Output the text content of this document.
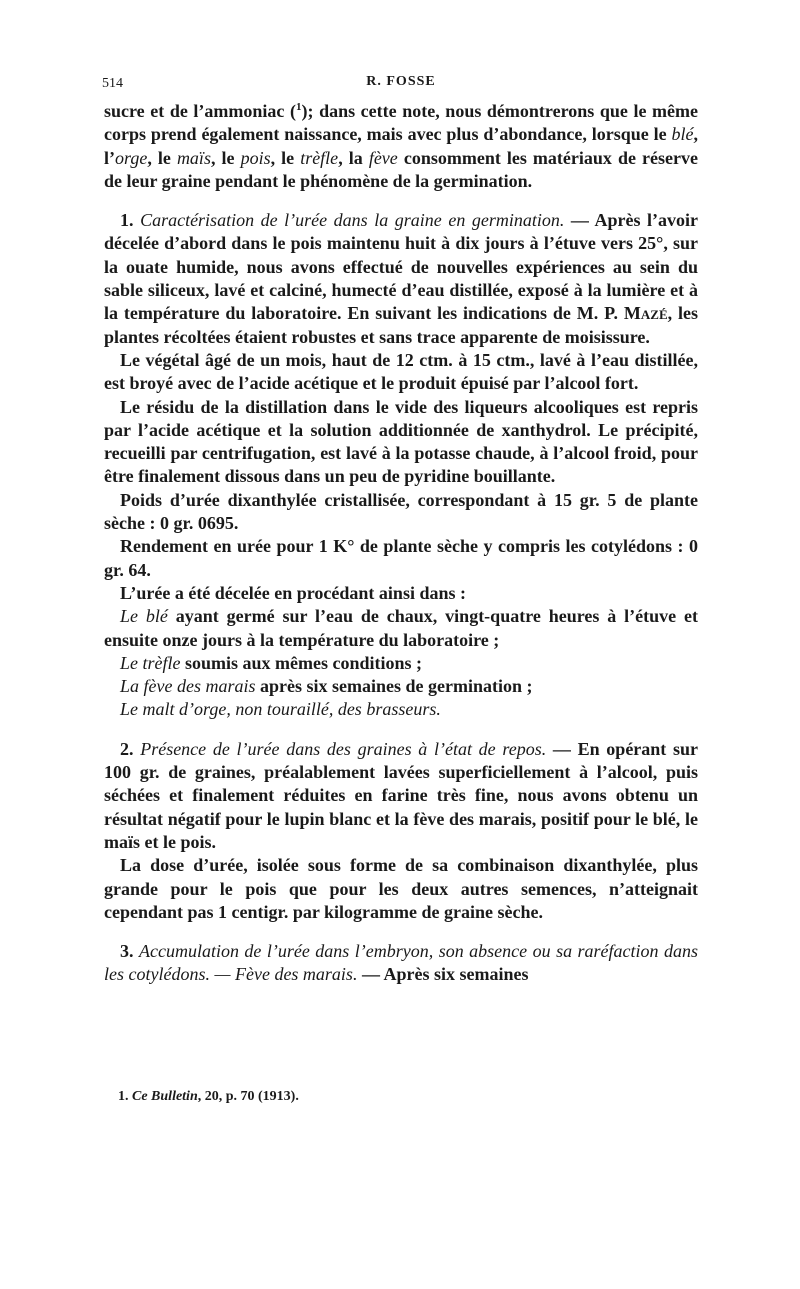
514	R. FOSSE

sucre et de l’ammoniac ($^1$); dans cette note, nous démontrerons que le même corps prend également naissance, mais avec plus d’abondance, lorsque le blé, l’orge, le maïs, le pois, le trèfle, la fève consomment les matériaux de réserve de leur graine pendant le phénomène de la germination.

1. Caractérisation de l’urée dans la graine en germination. — Après l’avoir décelée d’abord dans le pois maintenu huit à dix jours à l’étuve vers 25°, sur la ouate humide, nous avons effectué de nouvelles expériences au sein du sable siliceux, lavé et calciné, humecté d’eau distillée, exposé à la lumière et à la température du laboratoire. En suivant les indications de M. P. Mazé, les plantes récoltées étaient robustes et sans trace apparente de moisissure.

Le végétal âgé de un mois, haut de 12 ctm. à 15 ctm., lavé à l’eau distillée, est broyé avec de l’acide acétique et le produit épuisé par l’alcool fort.

Le résidu de la distillation dans le vide des liqueurs alcooliques est repris par l’acide acétique et la solution additionnée de xanthydrol. Le précipité, recueilli par centrifugation, est lavé à la potasse chaude, à l’alcool froid, pour être finalement dissous dans un peu de pyridine bouillante.

Poids d’urée dixanthylée cristallisée, correspondant à 15 gr. 5 de plante sèche : 0 gr. 0695.

Rendement en urée pour 1 K° de plante sèche y compris les cotylédons : 0 gr. 64.

L’urée a été décelée en procédant ainsi dans :

Le blé ayant germé sur l’eau de chaux, vingt-quatre heures à l’étuve et ensuite onze jours à la température du laboratoire ;

Le trèfle soumis aux mêmes conditions ;

La fève des marais après six semaines de germination ;

Le malt d’orge, non touraillé, des brasseurs.

2. Présence de l’urée dans des graines à l’état de repos. — En opérant sur 100 gr. de graines, préalablement lavées superficiellement à l’alcool, puis séchées et finalement réduites en farine très fine, nous avons obtenu un résultat négatif pour le lupin blanc et la fève des marais, positif pour le blé, le maïs et le pois.

La dose d’urée, isolée sous forme de sa combinaison dixanthylée, plus grande pour le pois que pour les deux autres semences, n’atteignait cependant pas 1 centigr. par kilogramme de graine sèche.

3. Accumulation de l’urée dans l’embryon, son absence ou sa raréfaction dans les cotylédons. — Fève des marais. — Après six semaines

1. Ce Bulletin, 20, p. 70 (1913).
